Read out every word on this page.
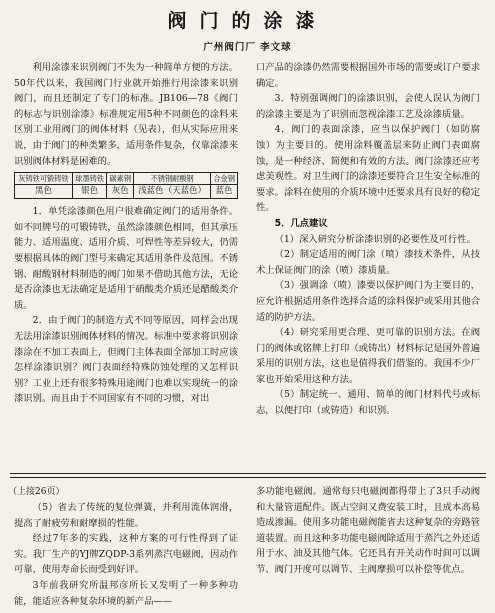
阀门的涂漆
广州阀门厂 李文球

利用涂漆来识别阀门不失为一种简单方便的方法。50年代以来，我国阀门行业就开始推行用涂漆来识别阀门，而且还制定了专门的标准。JB106—78《阀门的标志与识别涂漆》标准规定用5种不同颜色的涂料来区别工业用阀门的阀体材料（见表），但从实际应用来说，由于阀门的种类繁多，适用条件复杂，仅靠涂漆来识别阀体材料是困难的。

灰铸铁可锻铸铁	球墨铸铁	碳素钢	不锈钢耐酸钢	合金钢
黑色	银色	灰色	浅蓝色（天蓝色）	蓝色

1．单凭涂漆颜色用户很难确定阀门的适用条件。如不同牌号的可锻铸铁，虽然涂漆颜色相同，但其承压能力、适用温度、适用介质、可焊性等差异较大，仍需要根据具体的阀门型号来确定其适用条件及范围。不锈钢、耐酸钢材料制造的阀门如果不借助其他方法，无论是否涂漆也无法确定是适用于硝酸类介质还是醋酸类介质。

2．由于阀门的制造方式不同等原因，同样会出现无法用涂漆识别阀体材料的情况。标准中要求将识别涂漆涂在不加工表面上，但阀门主体表面全部加工时应该怎样涂漆识别？阀门表面经特殊防蚀处理的又怎样识别？工业上还有很多特殊用途阀门也难以实现统一的涂漆识别。而且由于不同国家有不同的习惯，对出

口产品的涂漆仍然需要根据国外市场的需要或订户要求确定。

3．特别强调阀门的涂漆识别，会使人误认为阀门的涂漆主要是为了识别而忽视涂漆工艺及涂漆质量。

4．阀门的表面涂漆，应当以保护阀门（如防腐蚀）为主要目的。使用涂料覆盖层来防止阀门表面腐蚀，是一种经济、简便和有效的方法。阀门涂漆还应考虑美观性。对卫生阀门的涂漆还要符合卫生安全标准的要求。涂料在使用的介质环境中还要求具有良好的稳定性。

5．几点建议

（1）深入研究分析涂漆识别的必要性及可行性。

（2）制定适用的阀门涂（喷）漆技术条件，从技术上保证阀门的涂（喷）漆质量。

（3）强调涂（喷）漆要以保护阀门为主要目的，应允许根据适用条件选择合适的涂料保护或采用其他合适的防护方法。

（4）研究采用更合理、更可靠的识别方法。在阀门的阀体或铭牌上打印（或铸出）材料标记是国外普遍采用的识别方法，这也是值得我们借鉴的。我国不少厂家也开始采用这种方法。

（5）制定统一、通用、简单的阀门材料代号或标志，以便打印（或铸造）和识别。

（上接26页）

（5）省去了传统的复位弹簧，并利用流体润滑，提高了耐疲劳和耐摩损的性能。

经过7年多的实践，这种方案的可行性得到了证实。我厂生产的YJ牌ZQDP-3系列蒸汽电磁阀，因动作可靠，使用寿命长而受到好评。

3年前我研究所温邦彦所长又发明了一种多种功能，能适应各种复杂环境的新产品——

多功能电磁阀。通常每只电磁阀都得带上了3只手动阀和大量管道配件。既占空间又费安装工时，且成本高易造成渗漏。使用多功能电磁阀能省去这种复杂的旁路管道装置。而且这种多功能电磁阀除适用于蒸汽之外还适用于水、油及其他气体。它还具有开关动作时间可以调节、阀门开度可以调节、主阀摩损可以补偿等优点。
